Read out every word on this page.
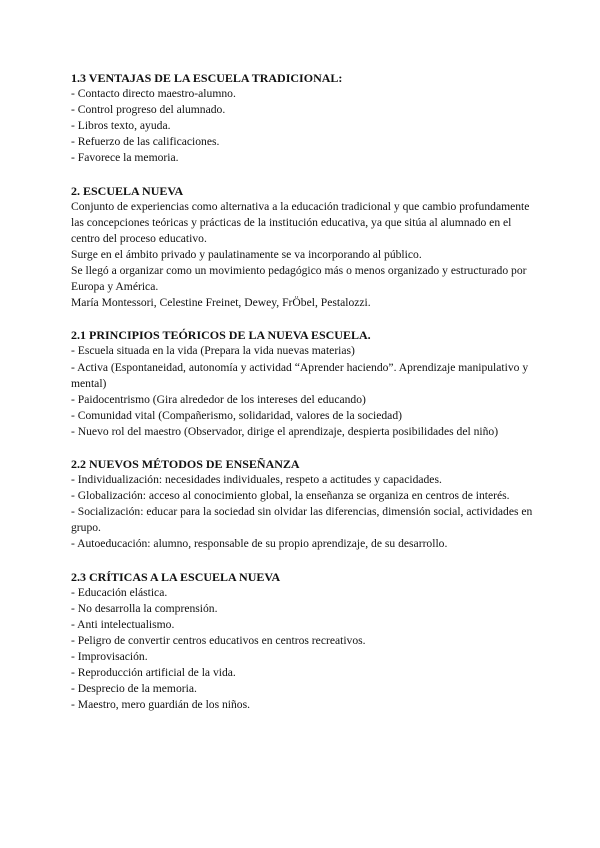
1.3 VENTAJAS DE LA ESCUELA TRADICIONAL:

- Contacto directo maestro-alumno.

- Control progreso del alumnado.

- Libros texto, ayuda.

- Refuerzo de las calificaciones.

- Favorece la memoria.

2. ESCUELA NUEVA

Conjunto de experiencias como alternativa a la educación tradicional y que cambio profundamente las concepciones teóricas y prácticas de la institución educativa, ya que sitúa al alumnado en el centro del proceso educativo.

Surge en el ámbito privado y paulatinamente se va incorporando al público.

Se llegó a organizar como un movimiento pedagógico más o menos organizado y estructurado por Europa y América.

María Montessori, Celestine Freinet, Dewey, FrÖbel, Pestalozzi.

2.1 PRINCIPIOS TEÓRICOS DE LA NUEVA ESCUELA.

- Escuela situada en la vida (Prepara la vida nuevas materias)

- Activa (Espontaneidad, autonomía y actividad “Aprender haciendo”. Aprendizaje manipulativo y mental)

- Paidocentrismo (Gira alrededor de los intereses del educando)

- Comunidad vital (Compañerismo, solidaridad, valores de la sociedad)

- Nuevo rol del maestro (Observador, dirige el aprendizaje, despierta posibilidades del niño)

2.2 NUEVOS MÉTODOS DE ENSEÑANZA

- Individualización: necesidades individuales, respeto a actitudes y capacidades.

- Globalización: acceso al conocimiento global, la enseñanza se organiza en centros de interés.

- Socialización: educar para la sociedad sin olvidar las diferencias, dimensión social, actividades en grupo.

- Autoeducación: alumno, responsable de su propio aprendizaje, de su desarrollo.

2.3 CRÍTICAS A LA ESCUELA NUEVA

- Educación elástica.

- No desarrolla la comprensión.

- Anti intelectualismo.

- Peligro de convertir centros educativos en centros recreativos.

- Improvisación.

- Reproducción artificial de la vida.

- Desprecio de la memoria.

- Maestro, mero guardián de los niños.
